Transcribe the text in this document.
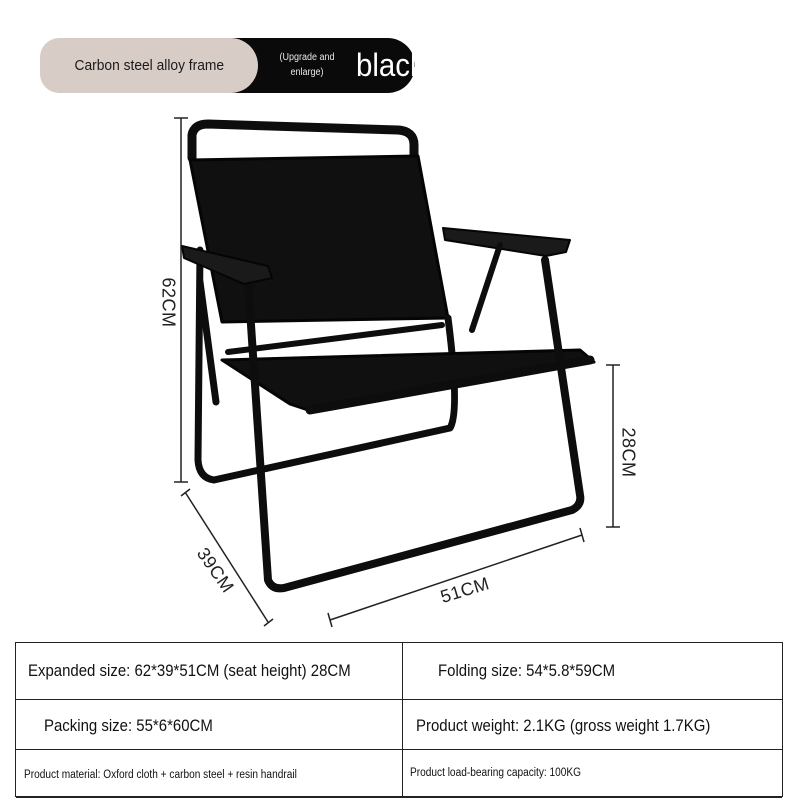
Carbon steel alloy frame	(Upgrade and enlarge)	black
62CM
28CM
39CM	51CM
Expanded size: 62*39*51CM (seat height) 28CM	Folding size: 54*5.8*59CM
Packing size: 55*6*60CM	Product weight: 2.1KG (gross weight 1.7KG)
Product material: Oxford cloth + carbon steel + resin handrail	Product load-bearing capacity: 100KG
